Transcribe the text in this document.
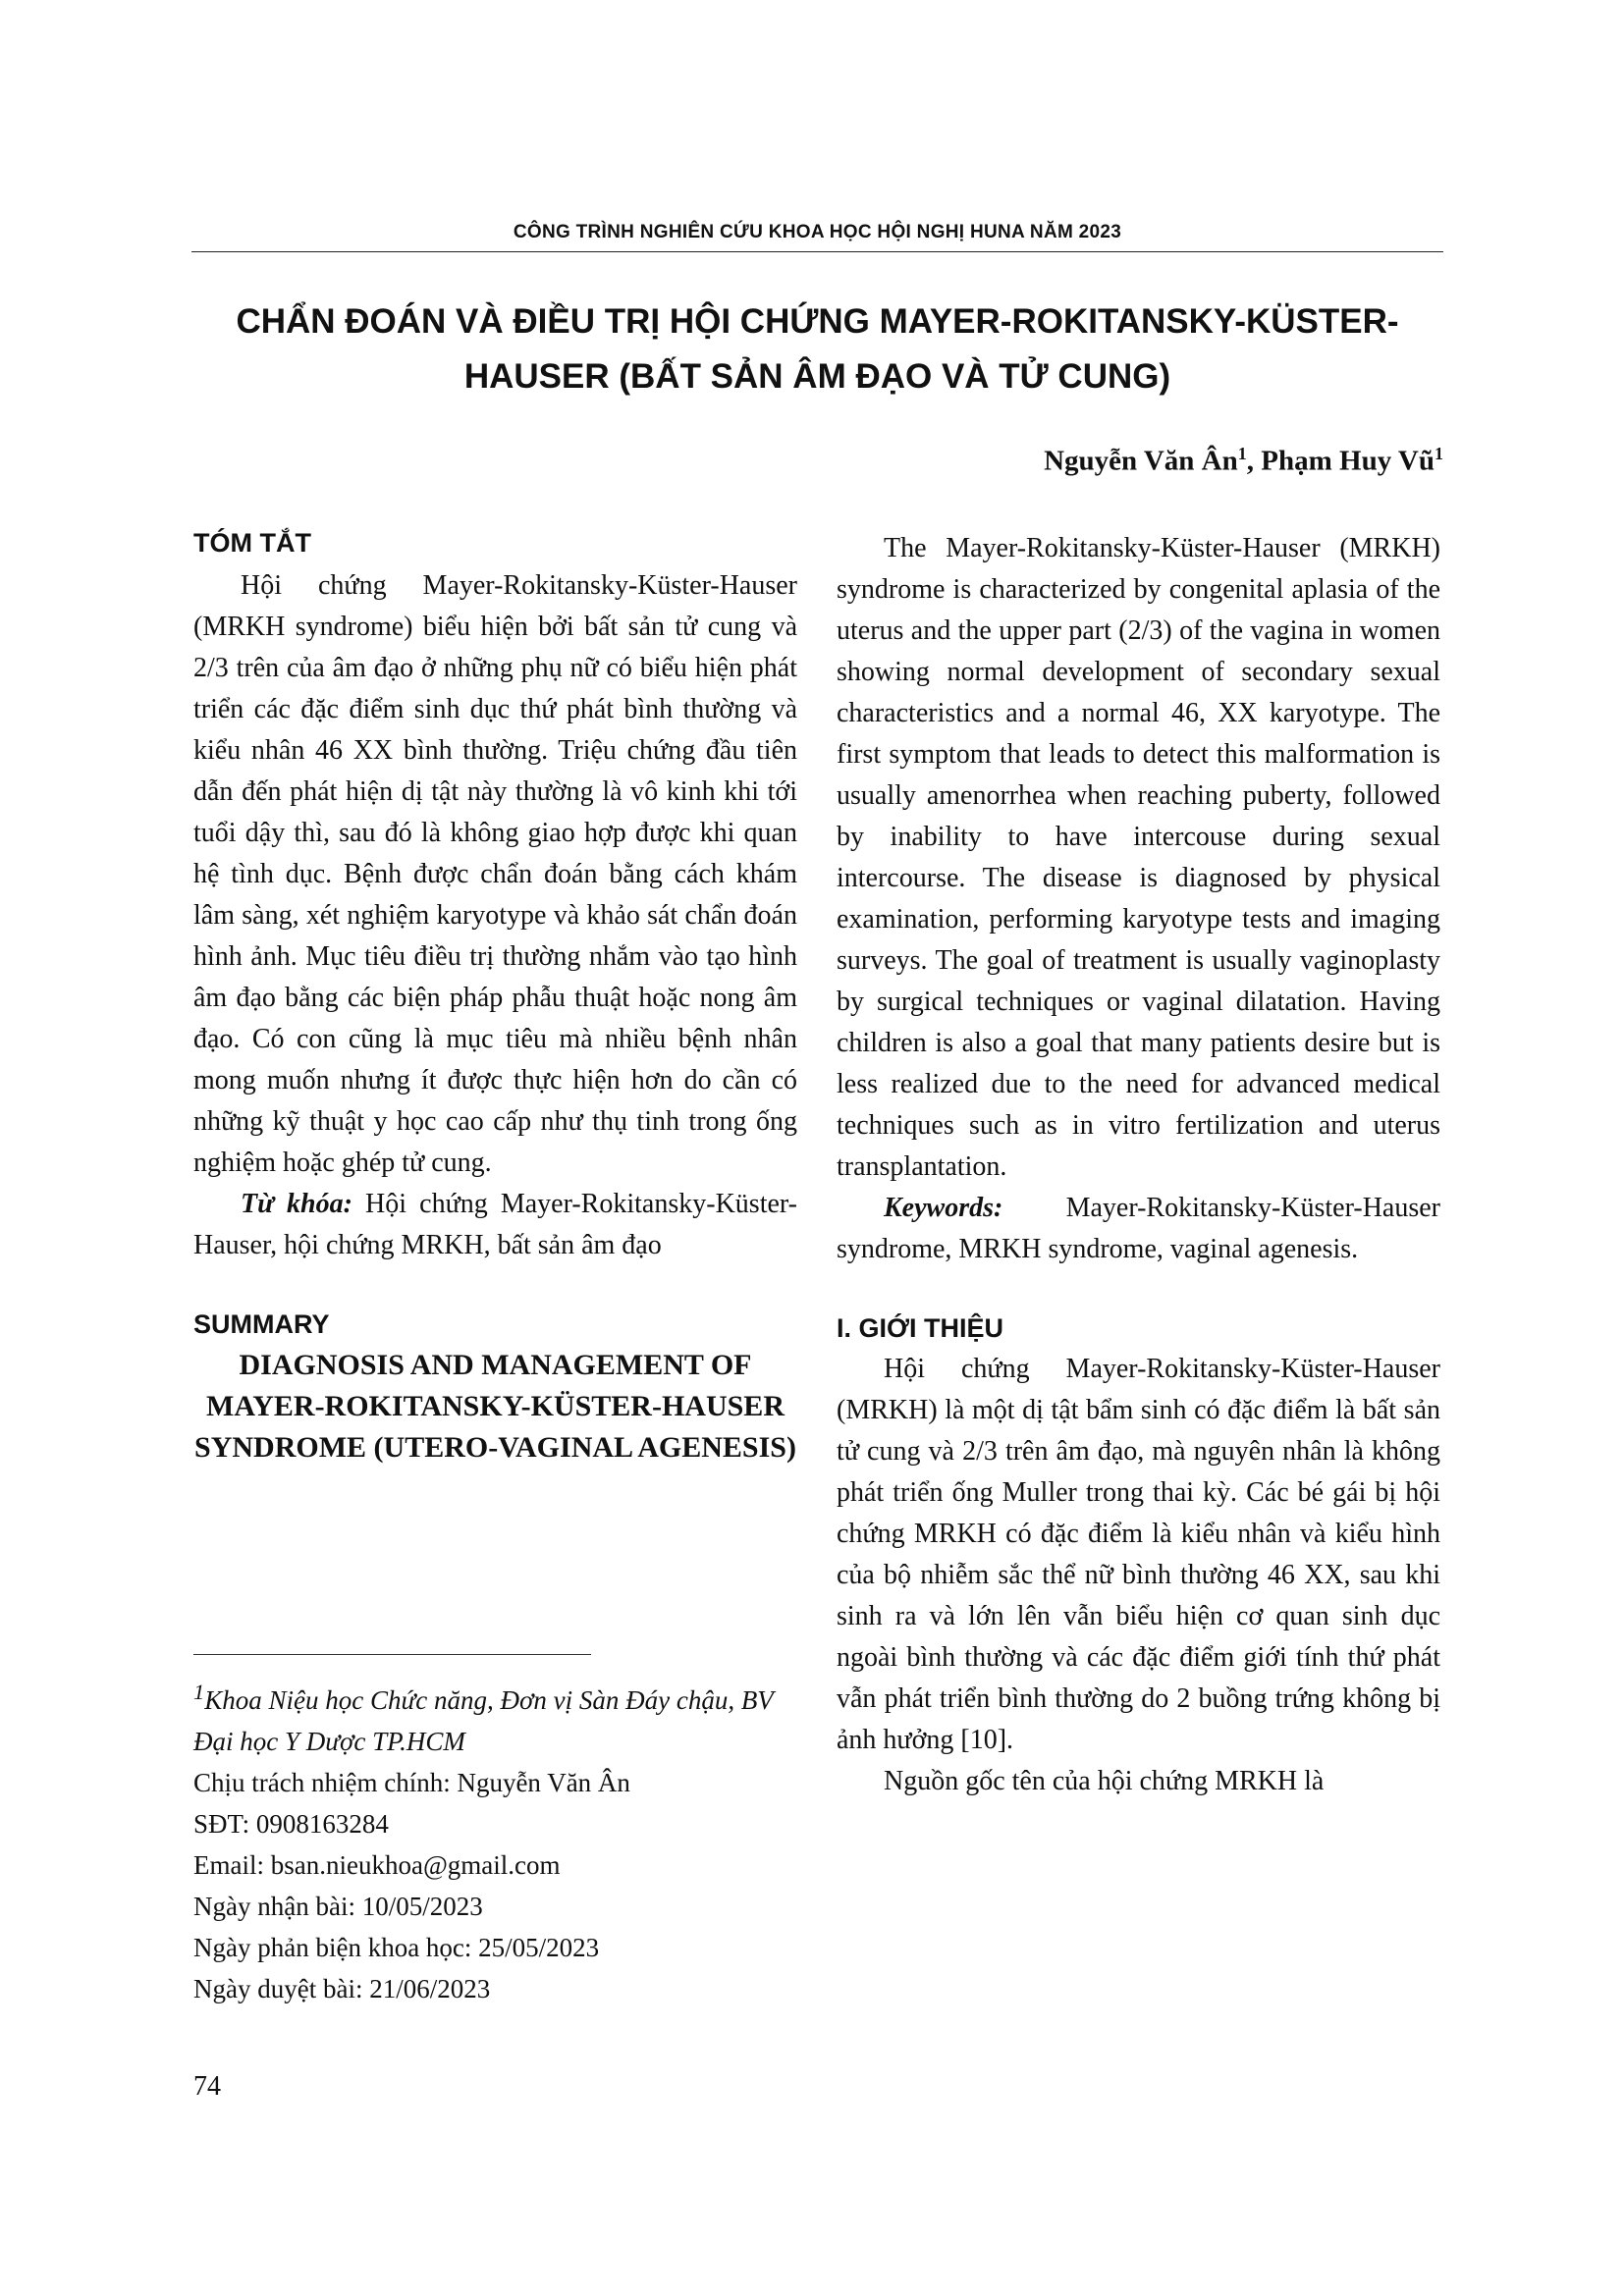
CÔNG TRÌNH NGHIÊN CỨU KHOA HỌC HỘI NGHỊ HUNA NĂM 2023
CHẨN ĐOÁN VÀ ĐIỀU TRỊ HỘI CHỨNG MAYER-ROKITANSKY-KÜSTER-
HAUSER (BẤT SẢN ÂM ĐẠO VÀ TỬ CUNG)
Nguyễn Văn $Ân^1$, Phạm Huy $Vũ^1$
TÓM TẮT

Hội chứng Mayer-Rokitansky-Küster-Hauser (MRKH syndrome) biểu hiện bởi bất sản tử cung và 2/3 trên của âm đạo ở những phụ nữ có biểu hiện phát triển các đặc điểm sinh dục thứ phát bình thường và kiểu nhân 46 XX bình thường. Triệu chứng đầu tiên dẫn đến phát hiện dị tật này thường là vô kinh khi tới tuổi dậy thì, sau đó là không giao hợp được khi quan hệ tình dục. Bệnh được chẩn đoán bằng cách khám lâm sàng, xét nghiệm karyotype và khảo sát chẩn đoán hình ảnh. Mục tiêu điều trị thường nhắm vào tạo hình âm đạo bằng các biện pháp phẫu thuật hoặc nong âm đạo. Có con cũng là mục tiêu mà nhiều bệnh nhân mong muốn nhưng ít được thực hiện hơn do cần có những kỹ thuật y học cao cấp như thụ tinh trong ống nghiệm hoặc ghép tử cung.

Từ khóa: Hội chứng Mayer-Rokitansky-Küster-Hauser, hội chứng MRKH, bất sản âm đạo

SUMMARY

DIAGNOSIS AND MANAGEMENT OF MAYER-ROKITANSKY-KÜSTER-HAUSER SYNDROME (UTERO-VAGINAL AGENESIS)

$^1$Khoa Niệu học Chức năng, Đơn vị Sàn Đáy chậu, BV Đại học Y Dược TP.HCM
Chịu trách nhiệm chính: Nguyễn Văn Ân
SĐT: 0908163284
Email: bsan.nieukhoa@gmail.com
Ngày nhận bài: 10/05/2023
Ngày phản biện khoa học: 25/05/2023
Ngày duyệt bài: 21/06/2023

The Mayer-Rokitansky-Küster-Hauser (MRKH) syndrome is characterized by congenital aplasia of the uterus and the upper part (2/3) of the vagina in women showing normal development of secondary sexual characteristics and a normal 46, XX karyotype. The first symptom that leads to detect this malformation is usually amenorrhea when reaching puberty, followed by inability to have intercouse during sexual intercourse. The disease is diagnosed by physical examination, performing karyotype tests and imaging surveys. The goal of treatment is usually vaginoplasty by surgical techniques or vaginal dilatation. Having children is also a goal that many patients desire but is less realized due to the need for advanced medical techniques such as in vitro fertilization and uterus transplantation.

Keywords: Mayer-Rokitansky-Küster-Hauser syndrome, MRKH syndrome, vaginal agenesis.

I. GIỚI THIỆU

Hội chứng Mayer-Rokitansky-Küster-Hauser (MRKH) là một dị tật bẩm sinh có đặc điểm là bất sản tử cung và 2/3 trên âm đạo, mà nguyên nhân là không phát triển ống Muller trong thai kỳ. Các bé gái bị hội chứng MRKH có đặc điểm là kiểu nhân và kiểu hình của bộ nhiễm sắc thể nữ bình thường 46 XX, sau khi sinh ra và lớn lên vẫn biểu hiện cơ quan sinh dục ngoài bình thường và các đặc điểm giới tính thứ phát vẫn phát triển bình thường do 2 buồng trứng không bị ảnh hưởng [10].

Nguồn gốc tên của hội chứng MRKH là

74
